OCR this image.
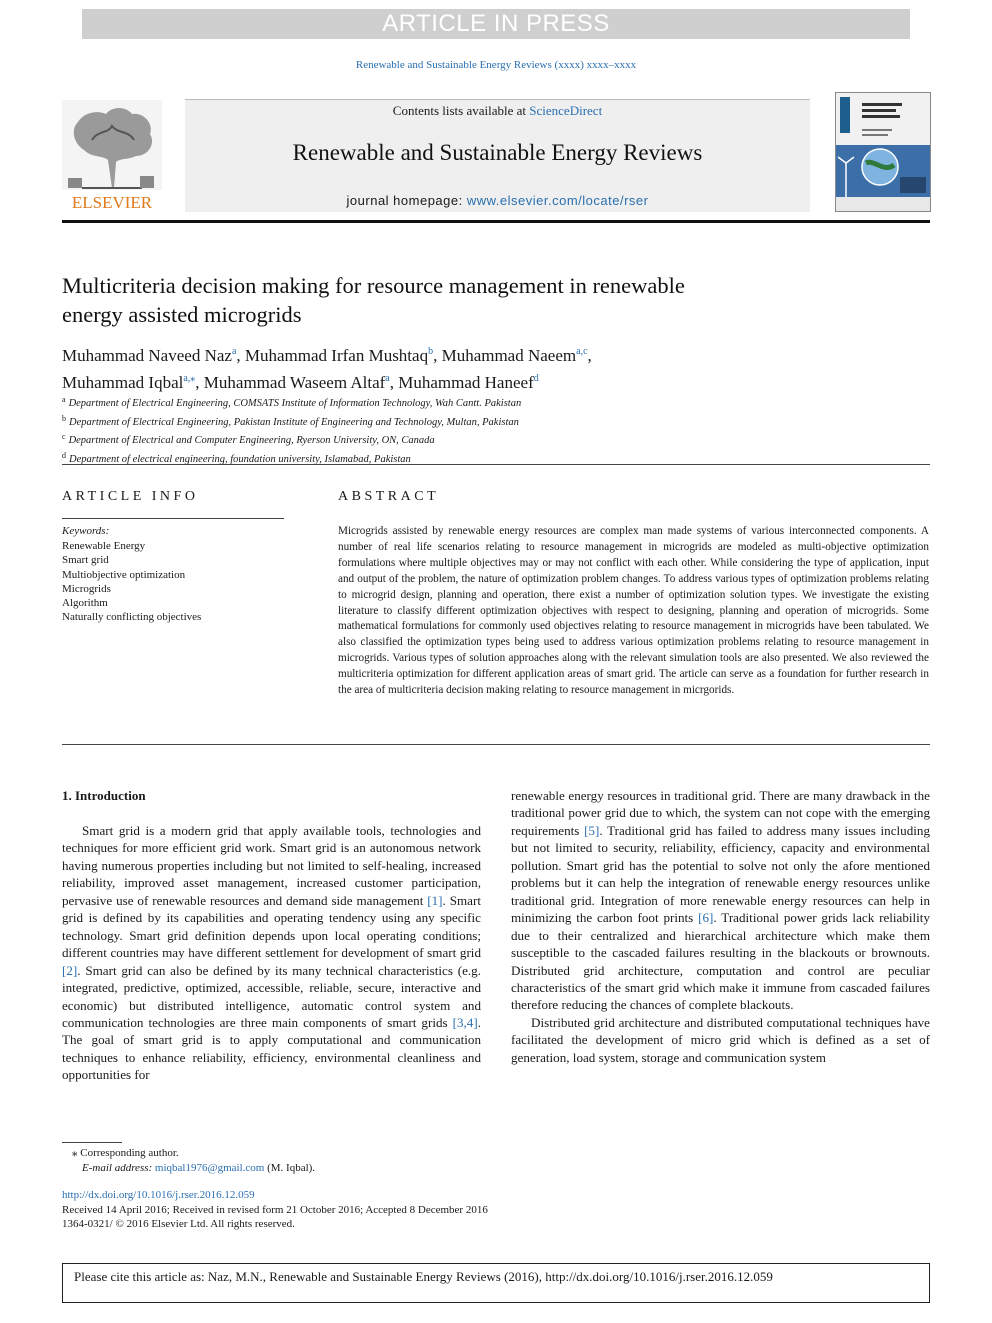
ARTICLE IN PRESS
Renewable and Sustainable Energy Reviews (xxxx) xxxx–xxxx
ELSEVIER
Contents lists available at ScienceDirect
Renewable and Sustainable Energy Reviews
journal homepage: www.elsevier.com/locate/rser
Multicriteria decision making for resource management in renewable
energy assisted microgrids
Muhammad Naveed Naz$^a$, Muhammad Irfan Mushtaq$^b$, Muhammad Naeem$^{a,c}$,
Muhammad Iqbal$^{a,⁎}$, Muhammad Waseem Altaf$^a$, Muhammad Haneef$^d$
$^a$ Department of Electrical Engineering, COMSATS Institute of Information Technology, Wah Cantt. Pakistan
$^b$ Department of Electrical Engineering, Pakistan Institute of Engineering and Technology, Multan, Pakistan
$^c$ Department of Electrical and Computer Engineering, Ryerson University, ON, Canada
$^d$ Department of electrical engineering, foundation university, Islamabad, Pakistan
ARTICLE INFO
Keywords:
Renewable Energy
Smart grid
Multiobjective optimization
Microgrids
Algorithm
Naturally conflicting objectives
ABSTRACT
Microgrids assisted by renewable energy resources are complex man made systems of various interconnected components. A number of real life scenarios relating to resource management in microgrids are modeled as multi-objective optimization formulations where multiple objectives may or may not conflict with each other. While considering the type of application, input and output of the problem, the nature of optimization problem changes. To address various types of optimization problems relating to microgrid design, planning and operation, there exist a number of optimization solution types. We investigate the existing literature to classify different optimization objectives with respect to designing, planning and operation of microgrids. Some mathematical formulations for commonly used objectives relating to resource management in microgrids have been tabulated. We also classified the optimization types being used to address various optimization problems relating to resource management in microgrids. Various types of solution approaches along with the relevant simulation tools are also presented. We also reviewed the multicriteria optimization for different application areas of smart grid. The article can serve as a foundation for further research in the area of multicriteria decision making relating to resource management in micrgorids.
1. Introduction

Smart grid is a modern grid that apply available tools, technologies and techniques for more efficient grid work. Smart grid is an autonomous network having numerous properties including but not limited to self-healing, increased reliability, improved asset management, increased customer participation, pervasive use of renewable resources and demand side management [1]. Smart grid is defined by its capabilities and operating tendency using any specific technology. Smart grid definition depends upon local operating conditions; different countries may have different settlement for development of smart grid [2]. Smart grid can also be defined by its many technical characteristics (e.g. integrated, predictive, optimized, accessible, reliable, secure, interactive and economic) but distributed intelligence, automatic control system and communication technologies are three main components of smart grids [3,4]. The goal of smart grid is to apply computational and communication techniques to enhance reliability, efficiency, environmental cleanliness and opportunities for

renewable energy resources in traditional grid. There are many drawback in the traditional power grid due to which, the system can not cope with the emerging requirements [5]. Traditional grid has failed to address many issues including but not limited to security, reliability, efficiency, capacity and environmental pollution. Smart grid has the potential to solve not only the afore mentioned problems but it can help the integration of renewable energy resources unlike traditional grid. Integration of more renewable energy resources can help in minimizing the carbon foot prints [6]. Traditional power grids lack reliability due to their centralized and hierarchical architecture which make them susceptible to the cascaded failures resulting in the blackouts or brownouts. Distributed grid architecture, computation and control are peculiar characteristics of the smart grid which make it immune from cascaded failures therefore reducing the chances of complete blackouts.

Distributed grid architecture and distributed computational techniques have facilitated the development of micro grid which is defined as a set of generation, load system, storage and communication system

⁎ Corresponding author.
E-mail address: miqbal1976@gmail.com (M. Iqbal).
http://dx.doi.org/10.1016/j.rser.2016.12.059
Received 14 April 2016; Received in revised form 21 October 2016; Accepted 8 December 2016
1364-0321/ © 2016 Elsevier Ltd. All rights reserved.
Please cite this article as: Naz, M.N., Renewable and Sustainable Energy Reviews (2016), http://dx.doi.org/10.1016/j.rser.2016.12.059
